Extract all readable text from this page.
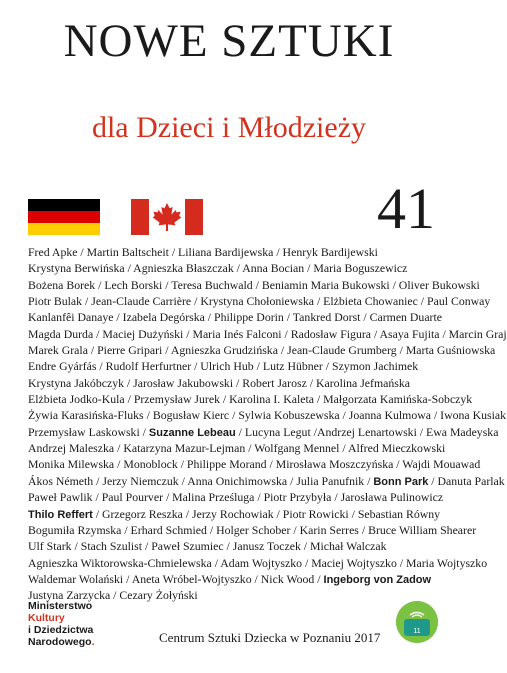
NOWE SZTUKI
dla Dzieci i Młodzieży
41
Fred Apke / Martin Baltscheit / Liliana Bardijewska / Henryk Bardijewski
Krystyna Berwińska / Agnieszka Błaszczak / Anna Bocian / Maria Boguszewicz
Bożena Borek / Lech Borski / Teresa Buchwald / Beniamin Maria Bukowski / Oliver Bukowski
Piotr Bulak / Jean-Claude Carrière / Krystyna Chołoniewska / Elżbieta Chowaniec / Paul Conway
Kanlanfêi Danaye / Izabela Degórska / Philippe Dorin / Tankred Dorst / Carmen Duarte
Magda Durda / Maciej Dużyński / Maria Inés Falconi / Radosław Figura / Asaya Fujita / Marcin Graj
Marek Grala / Pierre Gripari / Agnieszka Grudzińska / Jean-Claude Grumberg / Marta Guśniowska
Endre Gyárfás / Rudolf Herfurtner / Ulrich Hub / Lutz Hübner / Szymon Jachimek
Krystyna Jakóbczyk / Jarosław Jakubowski / Robert Jarosz / Karolina Jefmańska
Elżbieta Jodko-Kula / Przemysław Jurek / Karolina I. Kaleta / Małgorzata Kamińska-Sobczyk
Żywia Karasińska-Fluks / Bogusław Kierc / Sylwia Kobuszewska / Joanna Kulmowa / Iwona Kusiak
Przemysław Laskowski / Suzanne Lebeau / Lucyna Legut /Andrzej Lenartowski / Ewa Madeyska
Andrzej Maleszka / Katarzyna Mazur-Lejman / Wolfgang Mennel / Alfred Mieczkowski
Monika Milewska / Monoblock / Philippe Morand / Mirosława Moszczyńska / Wajdi Mouawad
Ákos Németh / Jerzy Niemczuk / Anna Onichimowska / Julia Panufnik / Bonn Park / Danuta Parlak
Paweł Pawlik / Paul Pourver / Malina Prześluga / Piotr Przybyła / Jarosława Pulinowicz
Thilo Reffert / Grzegorz Reszka / Jerzy Rochowiak / Piotr Rowicki / Sebastian Równy
Bogumiła Rzymska / Erhard Schmied / Holger Schober / Karin Serres / Bruce William Shearer
Ulf Stark / Stach Szulist / Paweł Szumiec / Janusz Toczek / Michał Walczak
Agnieszka Wiktorowska-Chmielewska / Adam Wojtyszko / Maciej Wojtyszko / Maria Wojtyszko
Waldemar Wolański / Aneta Wróbel-Wojtyszko / Nick Wood / Ingeborg von Zadow
Justyna Zarzycka / Cezary Żołyński
Ministerstwo
Kultury
i Dziedzictwa
Narodowego.	Centrum Sztuki Dziecka w Poznaniu 2017	11
